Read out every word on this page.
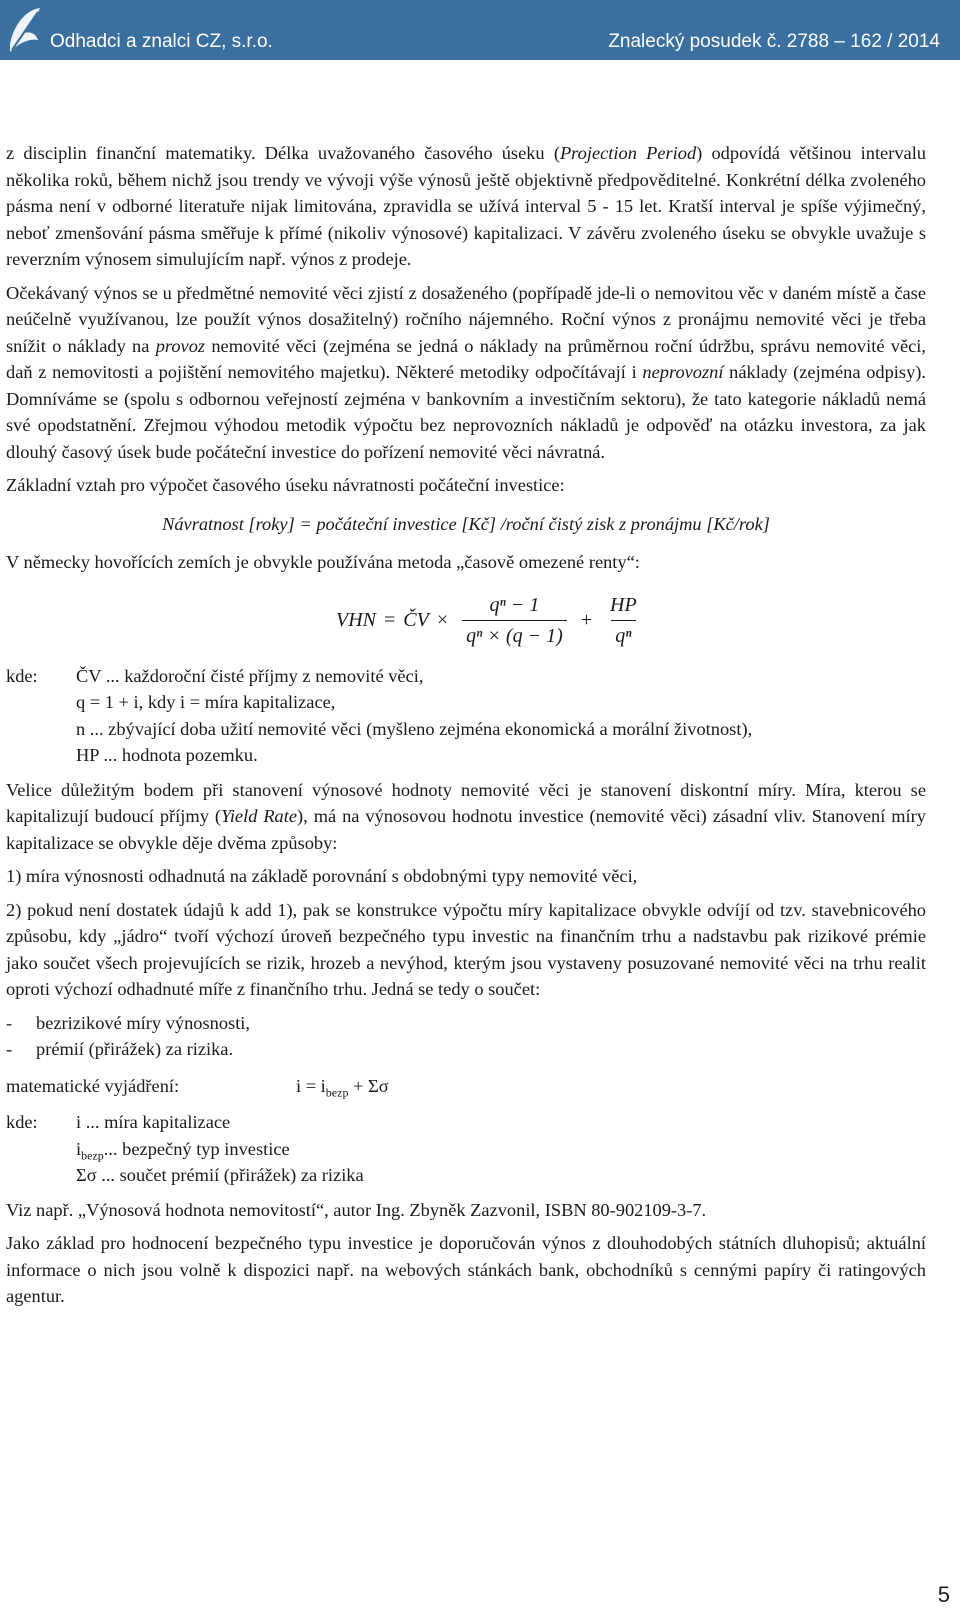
Odhadci a znalci CZ, s.r.o.	Znalecký posudek č. 2788 – 162 / 2014

z disciplin finanční matematiky. Délka uvažovaného časového úseku (Projection Period) odpovídá většinou intervalu několika roků, během nichž jsou trendy ve vývoji výše výnosů ještě objektivně předpověditelné. Konkrétní délka zvoleného pásma není v odborné literatuře nijak limitována, zpravidla se užívá interval 5 - 15 let. Kratší interval je spíše výjimečný, neboť zmenšování pásma směřuje k přímé (nikoliv výnosové) kapitalizaci. V závěru zvoleného úseku se obvykle uvažuje s reverzním výnosem simulujícím např. výnos z prodeje.

Očekávaný výnos se u předmětné nemovité věci zjistí z dosaženého (popřípadě jde-li o nemovitou věc v daném místě a čase neúčelně využívanou, lze použít výnos dosažitelný) ročního nájemného. Roční výnos z pronájmu nemovité věci je třeba snížit o náklady na provoz nemovité věci (zejména se jedná o náklady na průměrnou roční údržbu, správu nemovité věci, daň z nemovitosti a pojištění nemovitého majetku). Některé metodiky odpočítávají i neprovozní náklady (zejména odpisy). Domníváme se (spolu s odbornou veřejností zejména v bankovním a investičním sektoru), že tato kategorie nákladů nemá své opodstatnění. Zřejmou výhodou metodik výpočtu bez neprovozních nákladů je odpověď na otázku investora, za jak dlouhý časový úsek bude počáteční investice do pořízení nemovité věci návratná.

Základní vztah pro výpočet časového úseku návratnosti počáteční investice:

Návratnost [roky] = počáteční investice [Kč] /roční čistý zisk z pronájmu [Kč/rok]

V německy hovořících zemích je obvykle používána metoda „časově omezené renty“:

VHN = ČV × $\frac{\text{qⁿ − 1}}{\text{qⁿ × (q − 1)}} + \frac{HP}{\text{qⁿ}}$
kde:	ČV ... každoroční čisté příjmy z nemovité věci,
q = 1 + i, kdy i = míra kapitalizace,
n ... zbývající doba užití nemovité věci (myšleno zejména ekonomická a morální životnost),
HP ... hodnota pozemku.

Velice důležitým bodem při stanovení výnosové hodnoty nemovité věci je stanovení diskontní míry. Míra, kterou se kapitalizují budoucí příjmy (Yield Rate), má na výnosovou hodnotu investice (nemovité věci) zásadní vliv. Stanovení míry kapitalizace se obvykle děje dvěma způsoby:

1) míra výnosnosti odhadnutá na základě porovnání s obdobnými typy nemovité věci,

2) pokud není dostatek údajů k add 1), pak se konstrukce výpočtu míry kapitalizace obvykle odvíjí od tzv. stavebnicového způsobu, kdy „jádro“ tvoří výchozí úroveň bezpečného typu investic na finančním trhu a nadstavbu pak rizikové prémie jako součet všech projevujících se rizik, hrozeb a nevýhod, kterým jsou vystaveny posuzované nemovité věci na trhu realit oproti výchozí odhadnuté míře z finančního trhu. Jedná se tedy o součet:

-	bezrizikové míry výnosnosti,
-	prémií (přirážek) za rizika.
matematické vyjádření:	$i = i_{bezp} + \Sigma\sigma$
kde:	i ... míra kapitalizace
$i_{bezp}$... bezpečný typ investice
Σσ ... součet prémií (přirážek) za rizika

Viz např. „Výnosová hodnota nemovitostí“, autor Ing. Zbyněk Zazvonil, ISBN 80-902109-3-7.

Jako základ pro hodnocení bezpečného typu investice je doporučován výnos z dlouhodobých státních dluhopisů; aktuální informace o nich jsou volně k dispozici např. na webových stánkách bank, obchodníků s cennými papíry či ratingových agentur.

5
